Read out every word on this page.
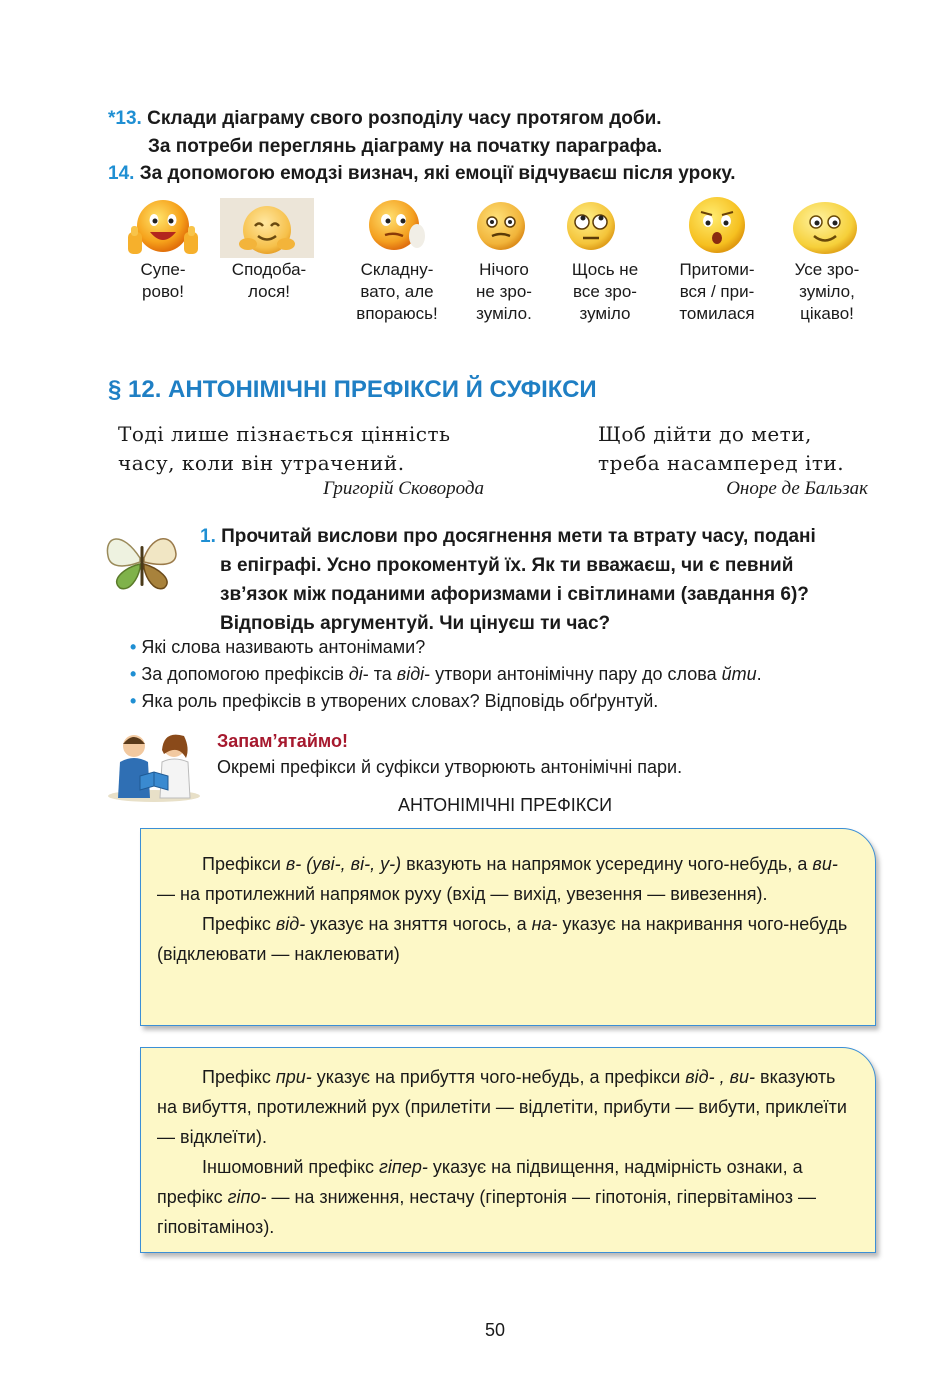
*13. Склади діаграму свого розподілу часу протягом доби.
За потреби переглянь діаграму на початку параграфа.
14. За допомогою емодзі визнач, які емоції відчуваєш після уроку.
Супе-
рово!
Сподоба-
лося!
Складну-
вато, але
впораюсь!
Нічого
не зро-
зуміло.
Щось не
все зро-
зуміло
Притоми-
вся / при-
томилася
Усе зро-
зуміло,
цікаво!
§ 12. АНТОНІМІЧНІ ПРЕФІКСИ Й СУФІКСИ
Тоді лише пізнається цінність
часу, коли він утрачений.
Григорій Сковорода
Щоб дійти до мети,
треба насамперед іти.
Оноре де Бальзак
1. Прочитай вислови про досягнення мети та втрату часу, подані
в епіграфі. Усно прокоментуй їх. Як ти вважаєш, чи є певний
зв’язок між поданими афоризмами і світлинами (завдання 6)?
Відповідь аргументуй. Чи цінуєш ти час?
• Які слова називають антонімами?
• За допомогою префіксів ді- та віді- утвори антонімічну пару до слова йти.
• Яка роль префіксів в утворених словах? Відповідь обґрунтуй.
Запам’ятаймо!
Окремі префікси й суфікси утворюють антонімічні пари.
АНТОНІМІЧНІ ПРЕФІКСИ

Префікси в- (уві-, ві-, у-) вказують на напрямок усередину чого-небудь, а ви- — на протилежний напрямок руху (вхід — вихід, увезення — вивезення).

Префікс від- указує на зняття чогось, а на- указує на накривання чого-небудь (відклеювати — наклеювати)

Префікс при- указує на прибуття чого-небудь, а префікси від- , ви- вказують на вибуття, протилежний рух (прилетіти — відлетіти, прибути — вибути, приклеїти — відклеїти).

Іншомовний префікс гіпер- указує на підвищення, надмірність ознаки, а префікс гіпо- — на зниження, нестачу (гіпертонія — гіпотонія, гіпервітаміноз — гіповітаміноз).

50
